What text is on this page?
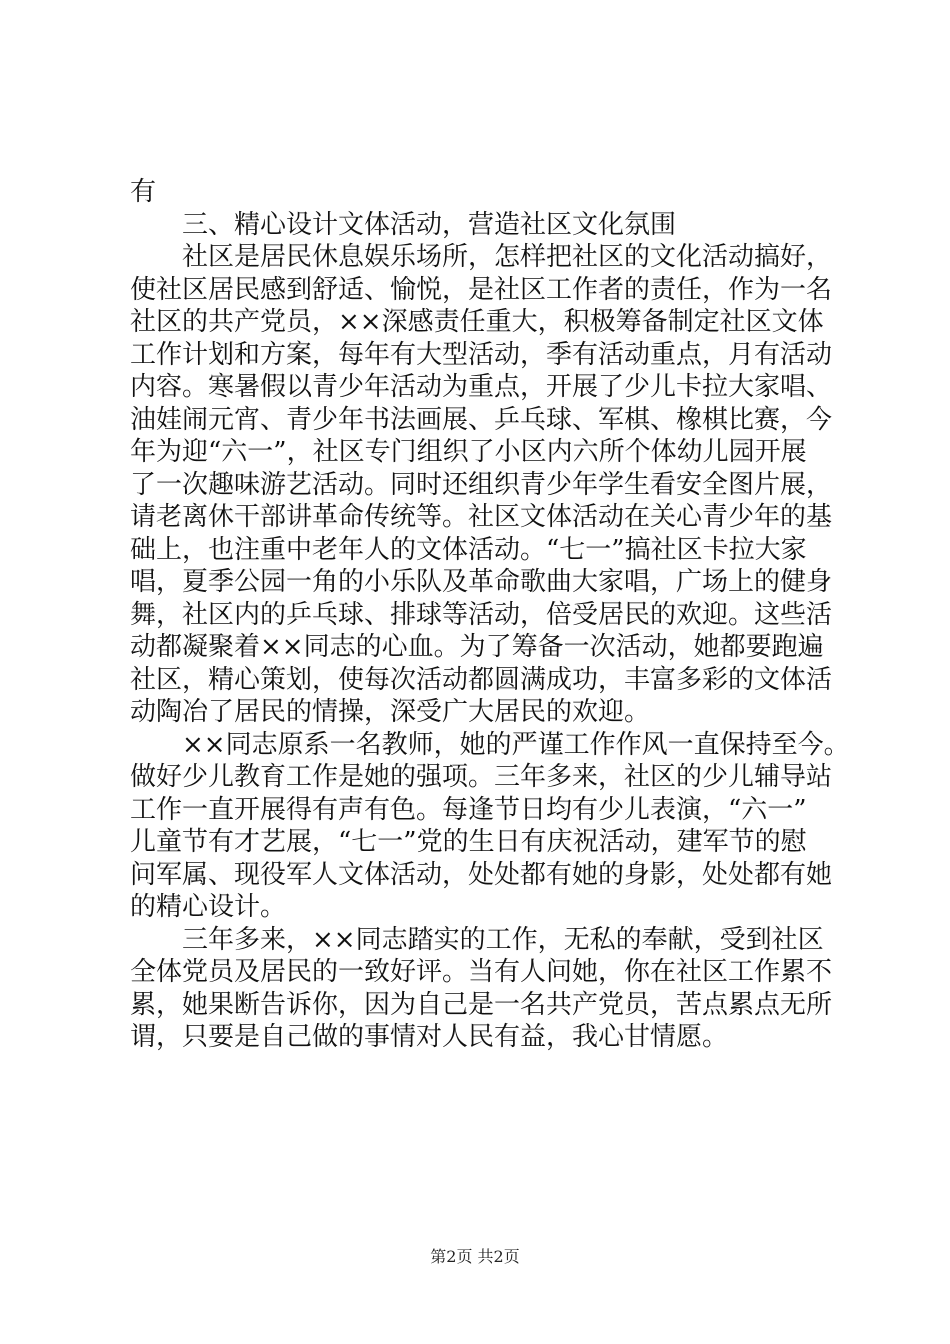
有
三、精心设计文体活动，营造社区文化氛围
社区是居民休息娱乐场所，怎样把社区的文化活动搞好，
使社区居民感到舒适、愉悦，是社区工作者的责任，作为一名
社区的共产党员，××深感责任重大，积极筹备制定社区文体
工作计划和方案，每年有大型活动，季有活动重点，月有活动
内容。寒暑假以青少年活动为重点，开展了少儿卡拉大家唱、
油娃闹元宵、青少年书法画展、乒乓球、军棋、橡棋比赛，今
年为迎“六一”，社区专门组织了小区内六所个体幼儿园开展
了一次趣味游艺活动。同时还组织青少年学生看安全图片展，
请老离休干部讲革命传统等。社区文体活动在关心青少年的基
础上，也注重中老年人的文体活动。“七一”搞社区卡拉大家
唱，夏季公园一角的小乐队及革命歌曲大家唱，广场上的健身
舞，社区内的乒乓球、排球等活动，倍受居民的欢迎。这些活
动都凝聚着××同志的心血。为了筹备一次活动，她都要跑遍
社区，精心策划，使每次活动都圆满成功，丰富多彩的文体活
动陶冶了居民的情操，深受广大居民的欢迎。
××同志原系一名教师，她的严谨工作作风一直保持至今。
做好少儿教育工作是她的强项。三年多来，社区的少儿辅导站
工作一直开展得有声有色。每逢节日均有少儿表演，“六一”
儿童节有才艺展，“七一”党的生日有庆祝活动，建军节的慰
问军属、现役军人文体活动，处处都有她的身影，处处都有她
的精心设计。
三年多来，××同志踏实的工作，无私的奉献，受到社区
全体党员及居民的一致好评。当有人问她，你在社区工作累不
累，她果断告诉你，因为自己是一名共产党员，苦点累点无所
谓，只要是自己做的事情对人民有益，我心甘情愿。
第2页 共2页
